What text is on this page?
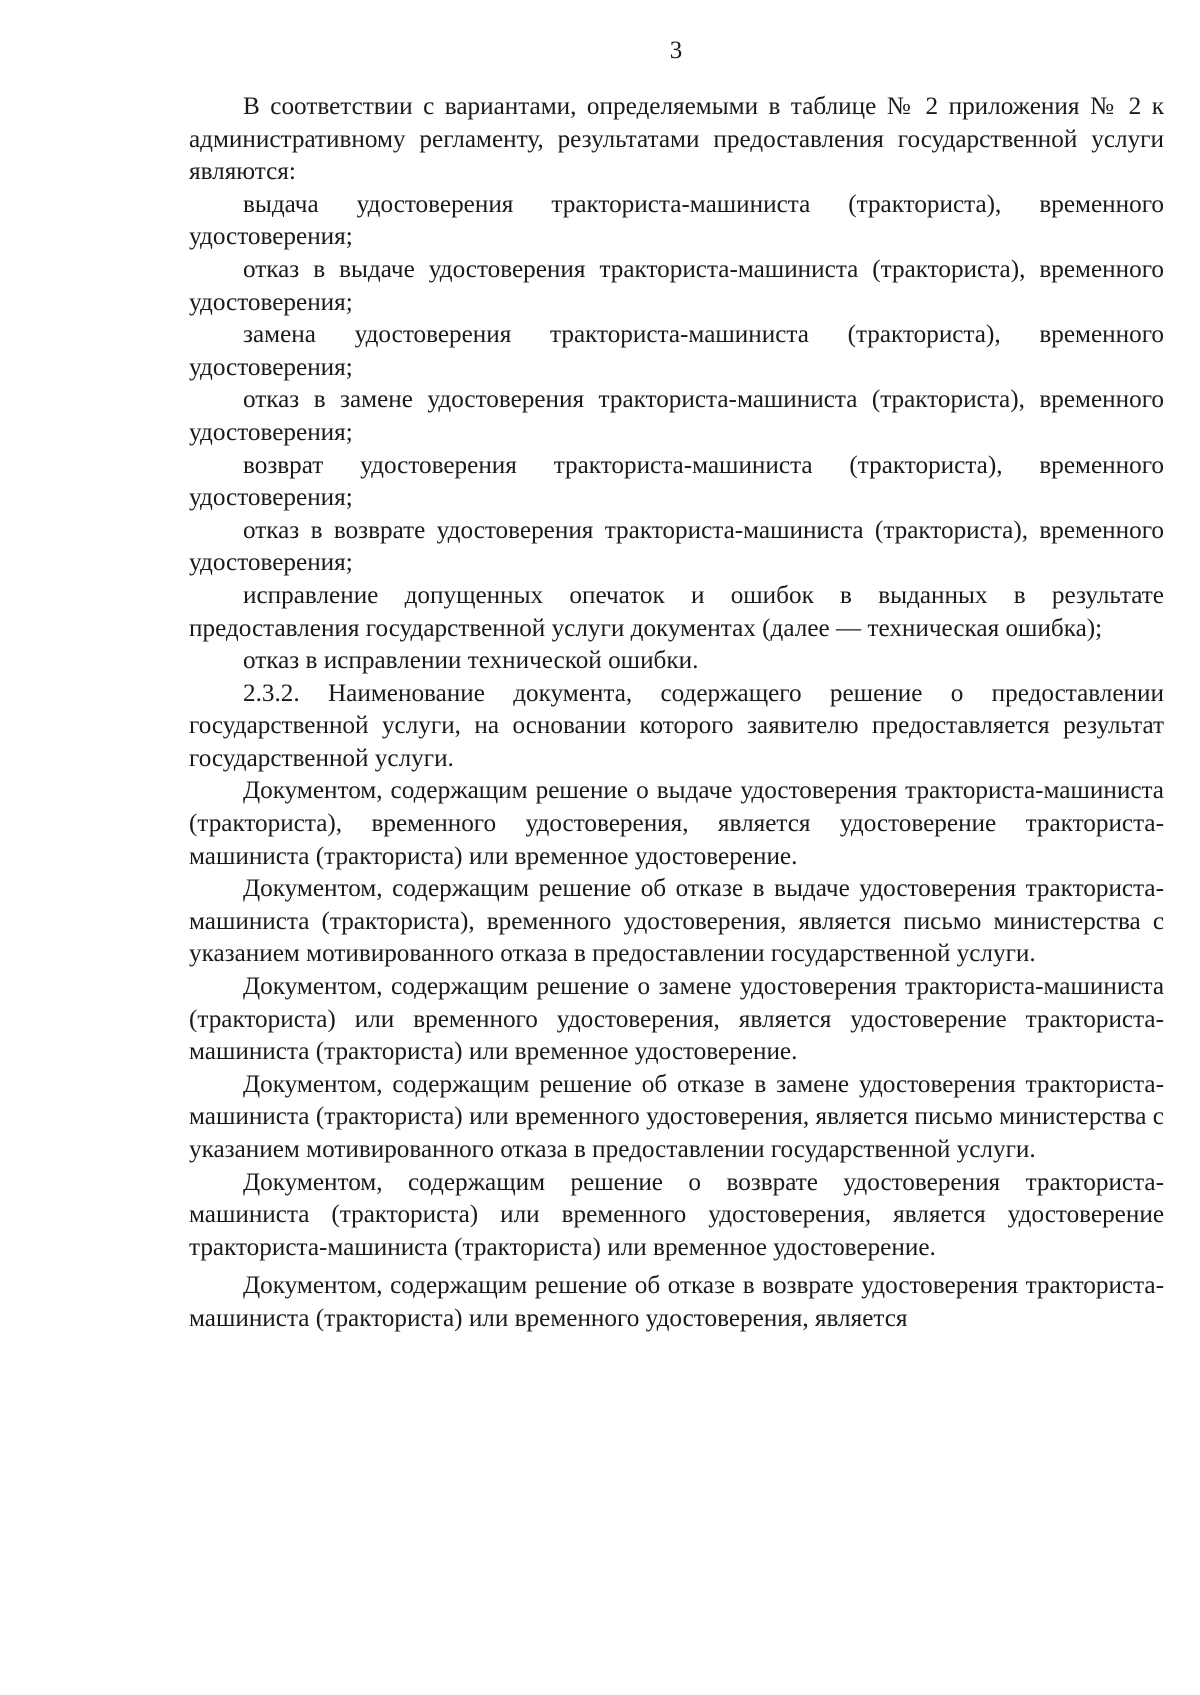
3

В соответствии с вариантами, определяемыми в таблице № 2 приложения № 2 к административному регламенту, результатами предоставления государственной услуги являются:

выдача удостоверения тракториста-машиниста (тракториста), временного удостоверения;

отказ в выдаче удостоверения тракториста-машиниста (тракториста), временного удостоверения;

замена удостоверения тракториста-машиниста (тракториста), временного удостоверения;

отказ в замене удостоверения тракториста-машиниста (тракториста), временного удостоверения;

возврат удостоверения тракториста-машиниста (тракториста), временного удостоверения;

отказ в возврате удостоверения тракториста-машиниста (тракториста), временного удостоверения;

исправление допущенных опечаток и ошибок в выданных в результате предоставления государственной услуги документах (далее — техническая ошибка);

отказ в исправлении технической ошибки.

2.3.2. Наименование документа, содержащего решение о предоставлении государственной услуги, на основании которого заявителю предоставляется результат государственной услуги.

Документом, содержащим решение о выдаче удостоверения тракториста-машиниста (тракториста), временного удостоверения, является удостоверение тракториста-машиниста (тракториста) или временное удостоверение.

Документом, содержащим решение об отказе в выдаче удостоверения тракториста-машиниста (тракториста), временного удостоверения, является письмо министерства с указанием мотивированного отказа в предоставлении государственной услуги.

Документом, содержащим решение о замене удостоверения тракториста-машиниста (тракториста) или временного удостоверения, является удостоверение тракториста-машиниста (тракториста) или временное удостоверение.

Документом, содержащим решение об отказе в замене удостоверения тракториста-машиниста (тракториста) или временного удостоверения, является письмо министерства с указанием мотивированного отказа в предоставлении государственной услуги.

Документом, содержащим решение о возврате удостоверения тракториста-машиниста (тракториста) или временного удостоверения, является удостоверение тракториста-машиниста (тракториста) или временное удостоверение.

Документом, содержащим решение об отказе в возврате удостоверения тракториста-машиниста (тракториста) или временного удостоверения, является
